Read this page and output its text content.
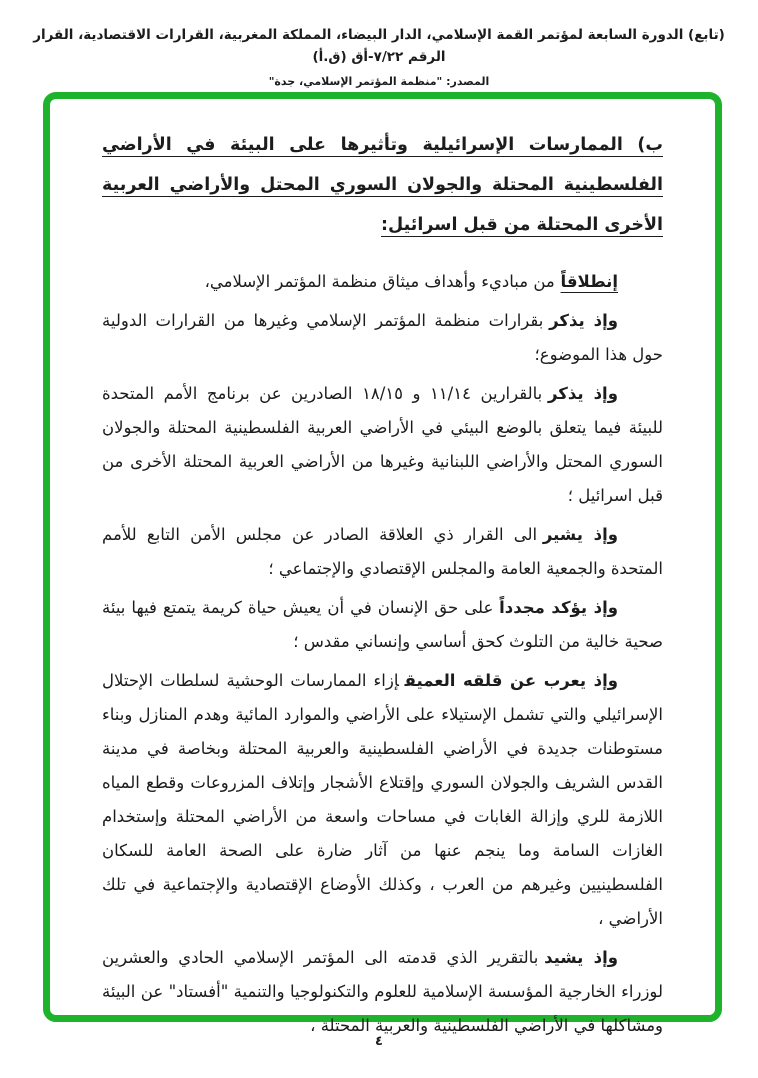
(تابع) الدورة السابعة لمؤتمر القمة الإسلامي، الدار البيضاء، المملكة المغربية، القرارات الاقتصادية، القرار الرقم ٧/٢٢-أق (ق.أ)
المصدر: "منظمة المؤتمر الإسلامي، جدة"

ب) الممارسات الإسرائيلية وتأثيرها على البيئة في الأراضي الفلسطينية المحتلة والجولان السوري المحتل والأراضي العربية الأخرى المحتلة من قبل اسرائيل:

إنطلاقاًمن مباديء وأهداف ميثاق منظمة المؤتمر الإسلامي،

وإذ يذكربقرارات منظمة المؤتمر الإسلامي وغيرها من القرارات الدولية حول هذا الموضوع؛

وإذ يذكربالقرارين ١١/١٤ و ١٨/١٥ الصادرين عن برنامج الأمم المتحدة للبيئة فيما يتعلق بالوضع البيئي في الأراضي العربية الفلسطينية المحتلة والجولان السوري المحتل والأراضي اللبنانية وغيرها من الأراضي العربية المحتلة الأخرى من قبل اسرائيل ؛

وإذ يشيرالى القرار ذي العلاقة الصادر عن مجلس الأمن التابع للأمم المتحدة والجمعية العامة والمجلس الإقتصادي والإجتماعي ؛

وإذ يؤكد مجدداًعلى حق الإنسان في أن يعيش حياة كريمة يتمتع فيها بيئة صحية خالية من التلوث كحق أساسي وإنساني مقدس ؛

وإذ يعرب عن قلقه العميقإزاء الممارسات الوحشية لسلطات الإحتلال الإسرائيلي والتي تشمل الإستيلاء على الأراضي والموارد المائية وهدم المنازل وبناء مستوطنات جديدة في الأراضي الفلسطينية والعربية المحتلة وبخاصة في مدينة القدس الشريف والجولان السوري وإقتلاع الأشجار وإتلاف المزروعات وقطع المياه اللازمة للري وإزالة الغابات في مساحات واسعة من الأراضي المحتلة وإستخدام الغازات السامة وما ينجم عنها من آثار ضارة على الصحة العامة للسكان الفلسطينيين وغيرهم من العرب ، وكذلك الأوضاع الإقتصادية والإجتماعية في تلك الأراضي ،

وإذ يشيدبالتقرير الذي قدمته الى المؤتمر الإسلامي الحادي والعشرين لوزراء الخارجية المؤسسة الإسلامية للعلوم والتكنولوجيا والتنمية "أفستاد" عن البيئة ومشاكلها في الأراضي الفلسطينية والعربية المحتلة ،

٤
